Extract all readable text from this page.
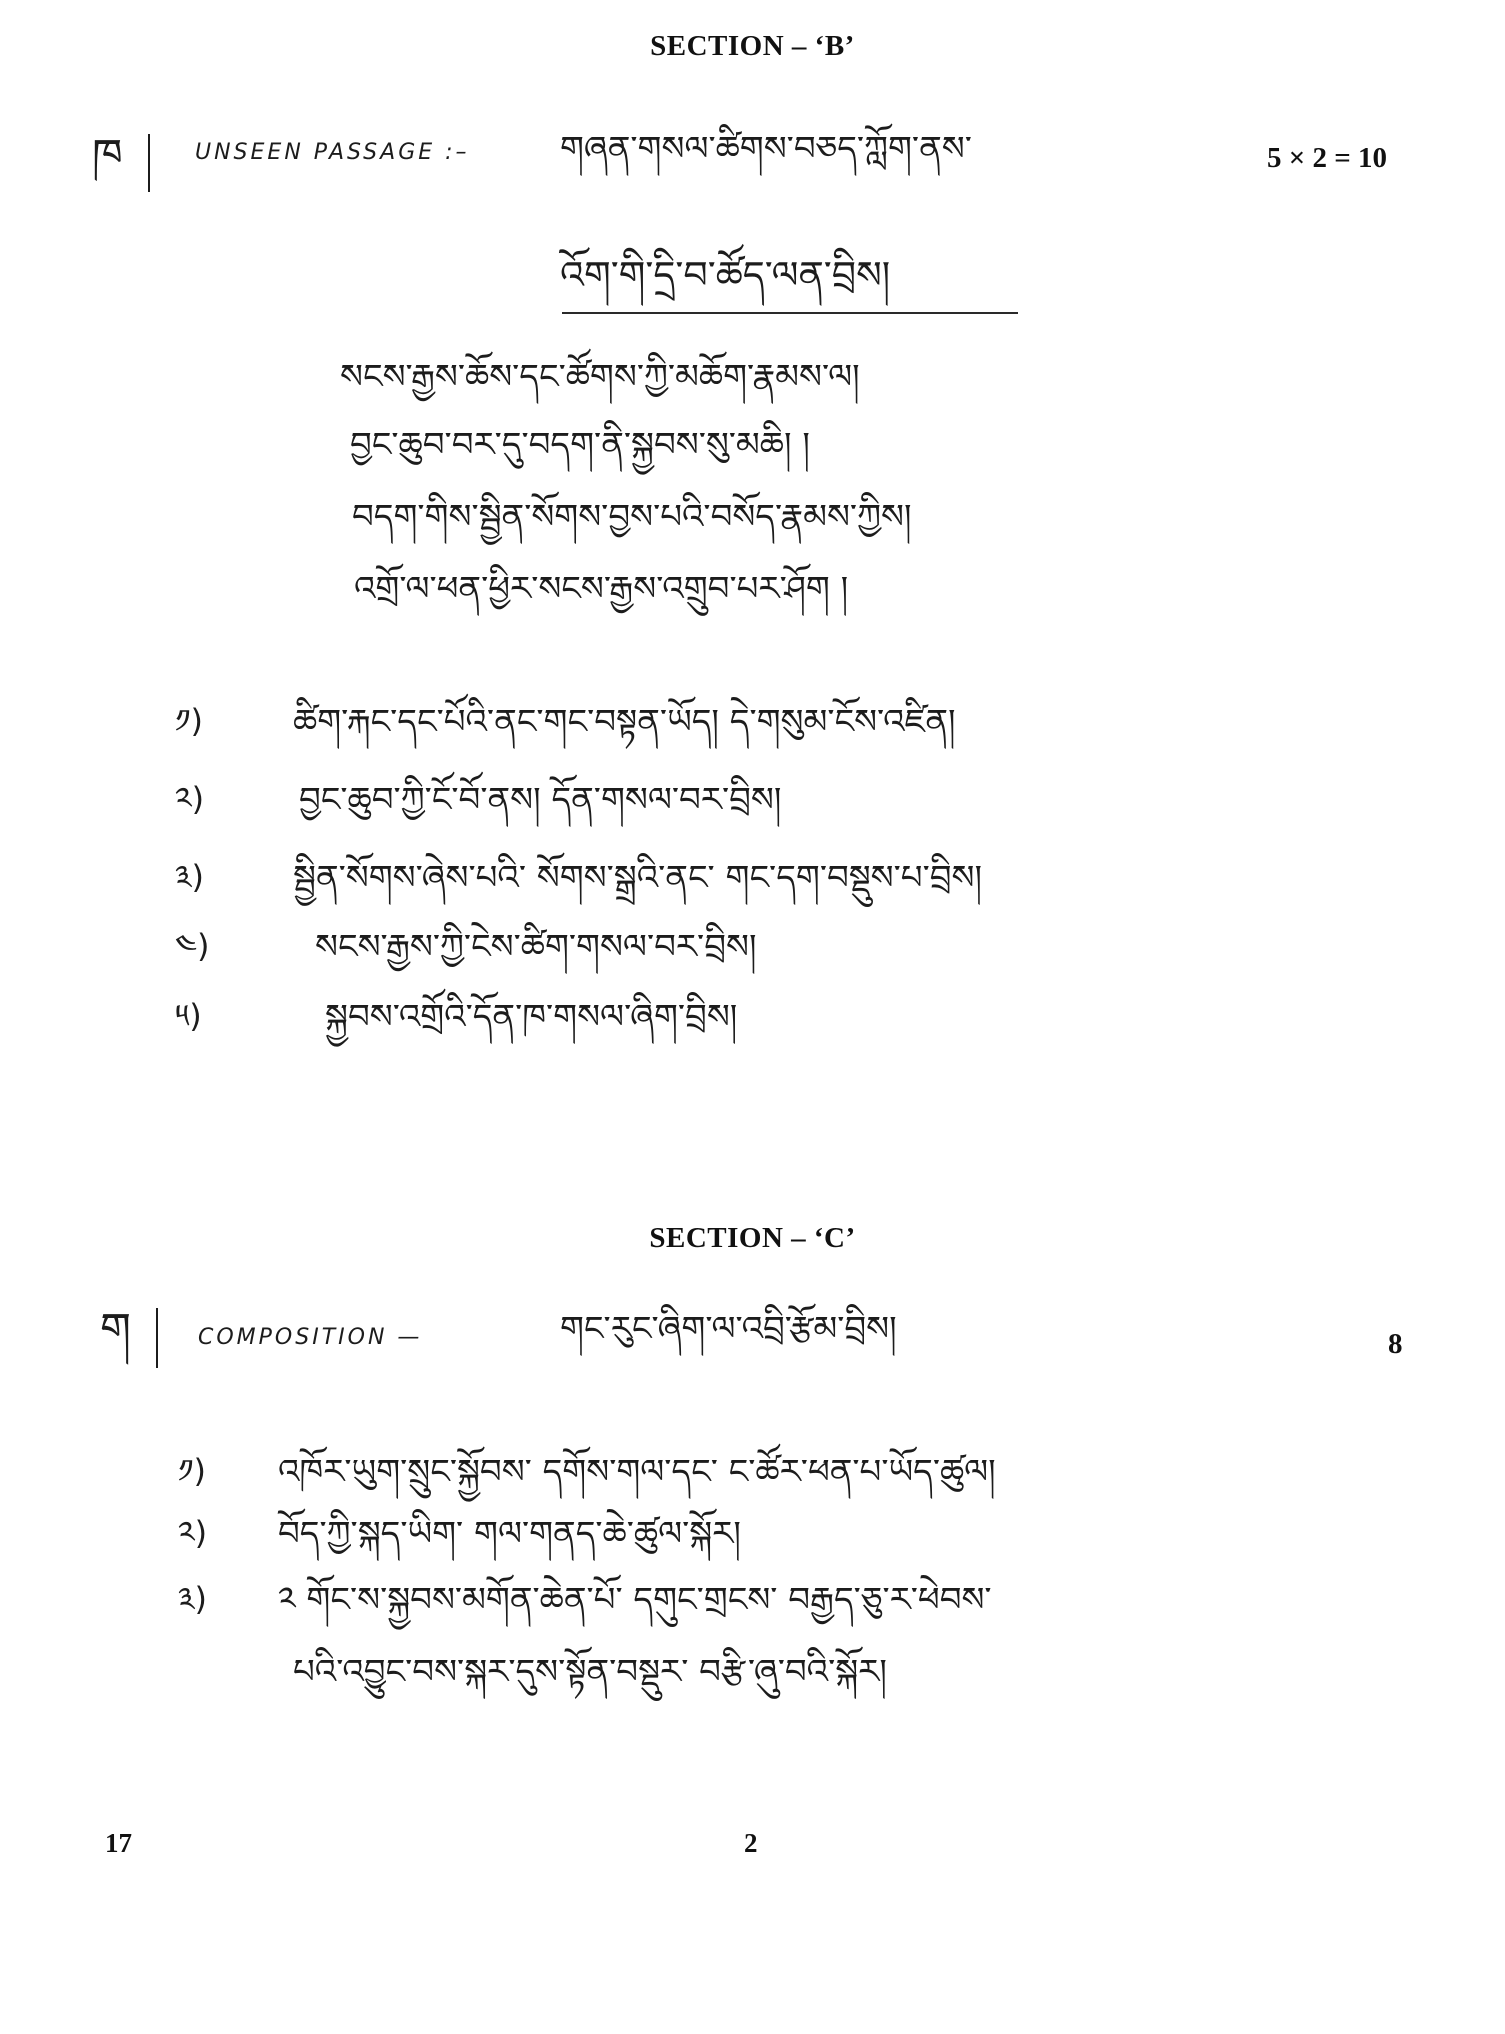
SECTION – ‘B’
ཁ	UNSEEN PASSAGE :–	གཞན་གསལ་ཚིགས་བཅད་ཀློག་ནས་	5 × 2 = 10
འོག་གི་དྲི་བ་ཚོད་ལན་བྲིས།
སངས་རྒྱས་ཆོས་དང་ཚོགས་ཀྱི་མཆོག་རྣམས་ལ།
བྱང་ཆུབ་བར་དུ་བདག་ནི་སྐྱབས་སུ་མཆི། །
བདག་གིས་སྦྱིན་སོགས་བྱས་པའི་བསོད་རྣམས་ཀྱིས།
འགྲོ་ལ་ཕན་ཕྱིར་སངས་རྒྱས་འགྲུབ་པར་ཤོག །
༡)	ཚིག་རྐང་དང་པོའི་ནང་གང་བསྟན་ཡོད། དེ་གསུམ་ངོས་འཛིན།
༢)	བྱང་ཆུབ་ཀྱི་ངོ་བོ་ནས། དོན་གསལ་བར་བྲིས།
༣)	སྦྱིན་སོགས་ཞེས་པའི་ སོགས་སྒྲའི་ནང་ གང་དག་བསྡུས་པ་བྲིས།
༤)	སངས་རྒྱས་ཀྱི་ངེས་ཚིག་གསལ་བར་བྲིས།
༥)	སྐྱབས་འགྲོའི་དོན་ཁ་གསལ་ཞིག་བྲིས།
SECTION – ‘C’
ག	COMPOSITION —	གང་རུང་ཞིག་ལ་འབྲི་རྩོམ་བྲིས།	8
༡) འཁོར་ཡུག་སྲུང་སྐྱོབས་ དགོས་གལ་དང་ ང་ཚོར་ཕན་པ་ཡོད་ཚུལ།
༢) བོད་ཀྱི་སྐད་ཡིག་ གལ་གནད་ཆེ་ཚུལ་སྐོར།
༣) ༢ གོང་ས་སྐྱབས་མགོན་ཆེན་པོ་ དགུང་གྲངས་ བརྒྱད་ཅུ་ར་ཕེབས་
པའི་འབྱུང་བས་སྐར་དུས་སྟོན་བསྡུར་ བརྩི་ཞུ་བའི་སྐོར།
17	2
